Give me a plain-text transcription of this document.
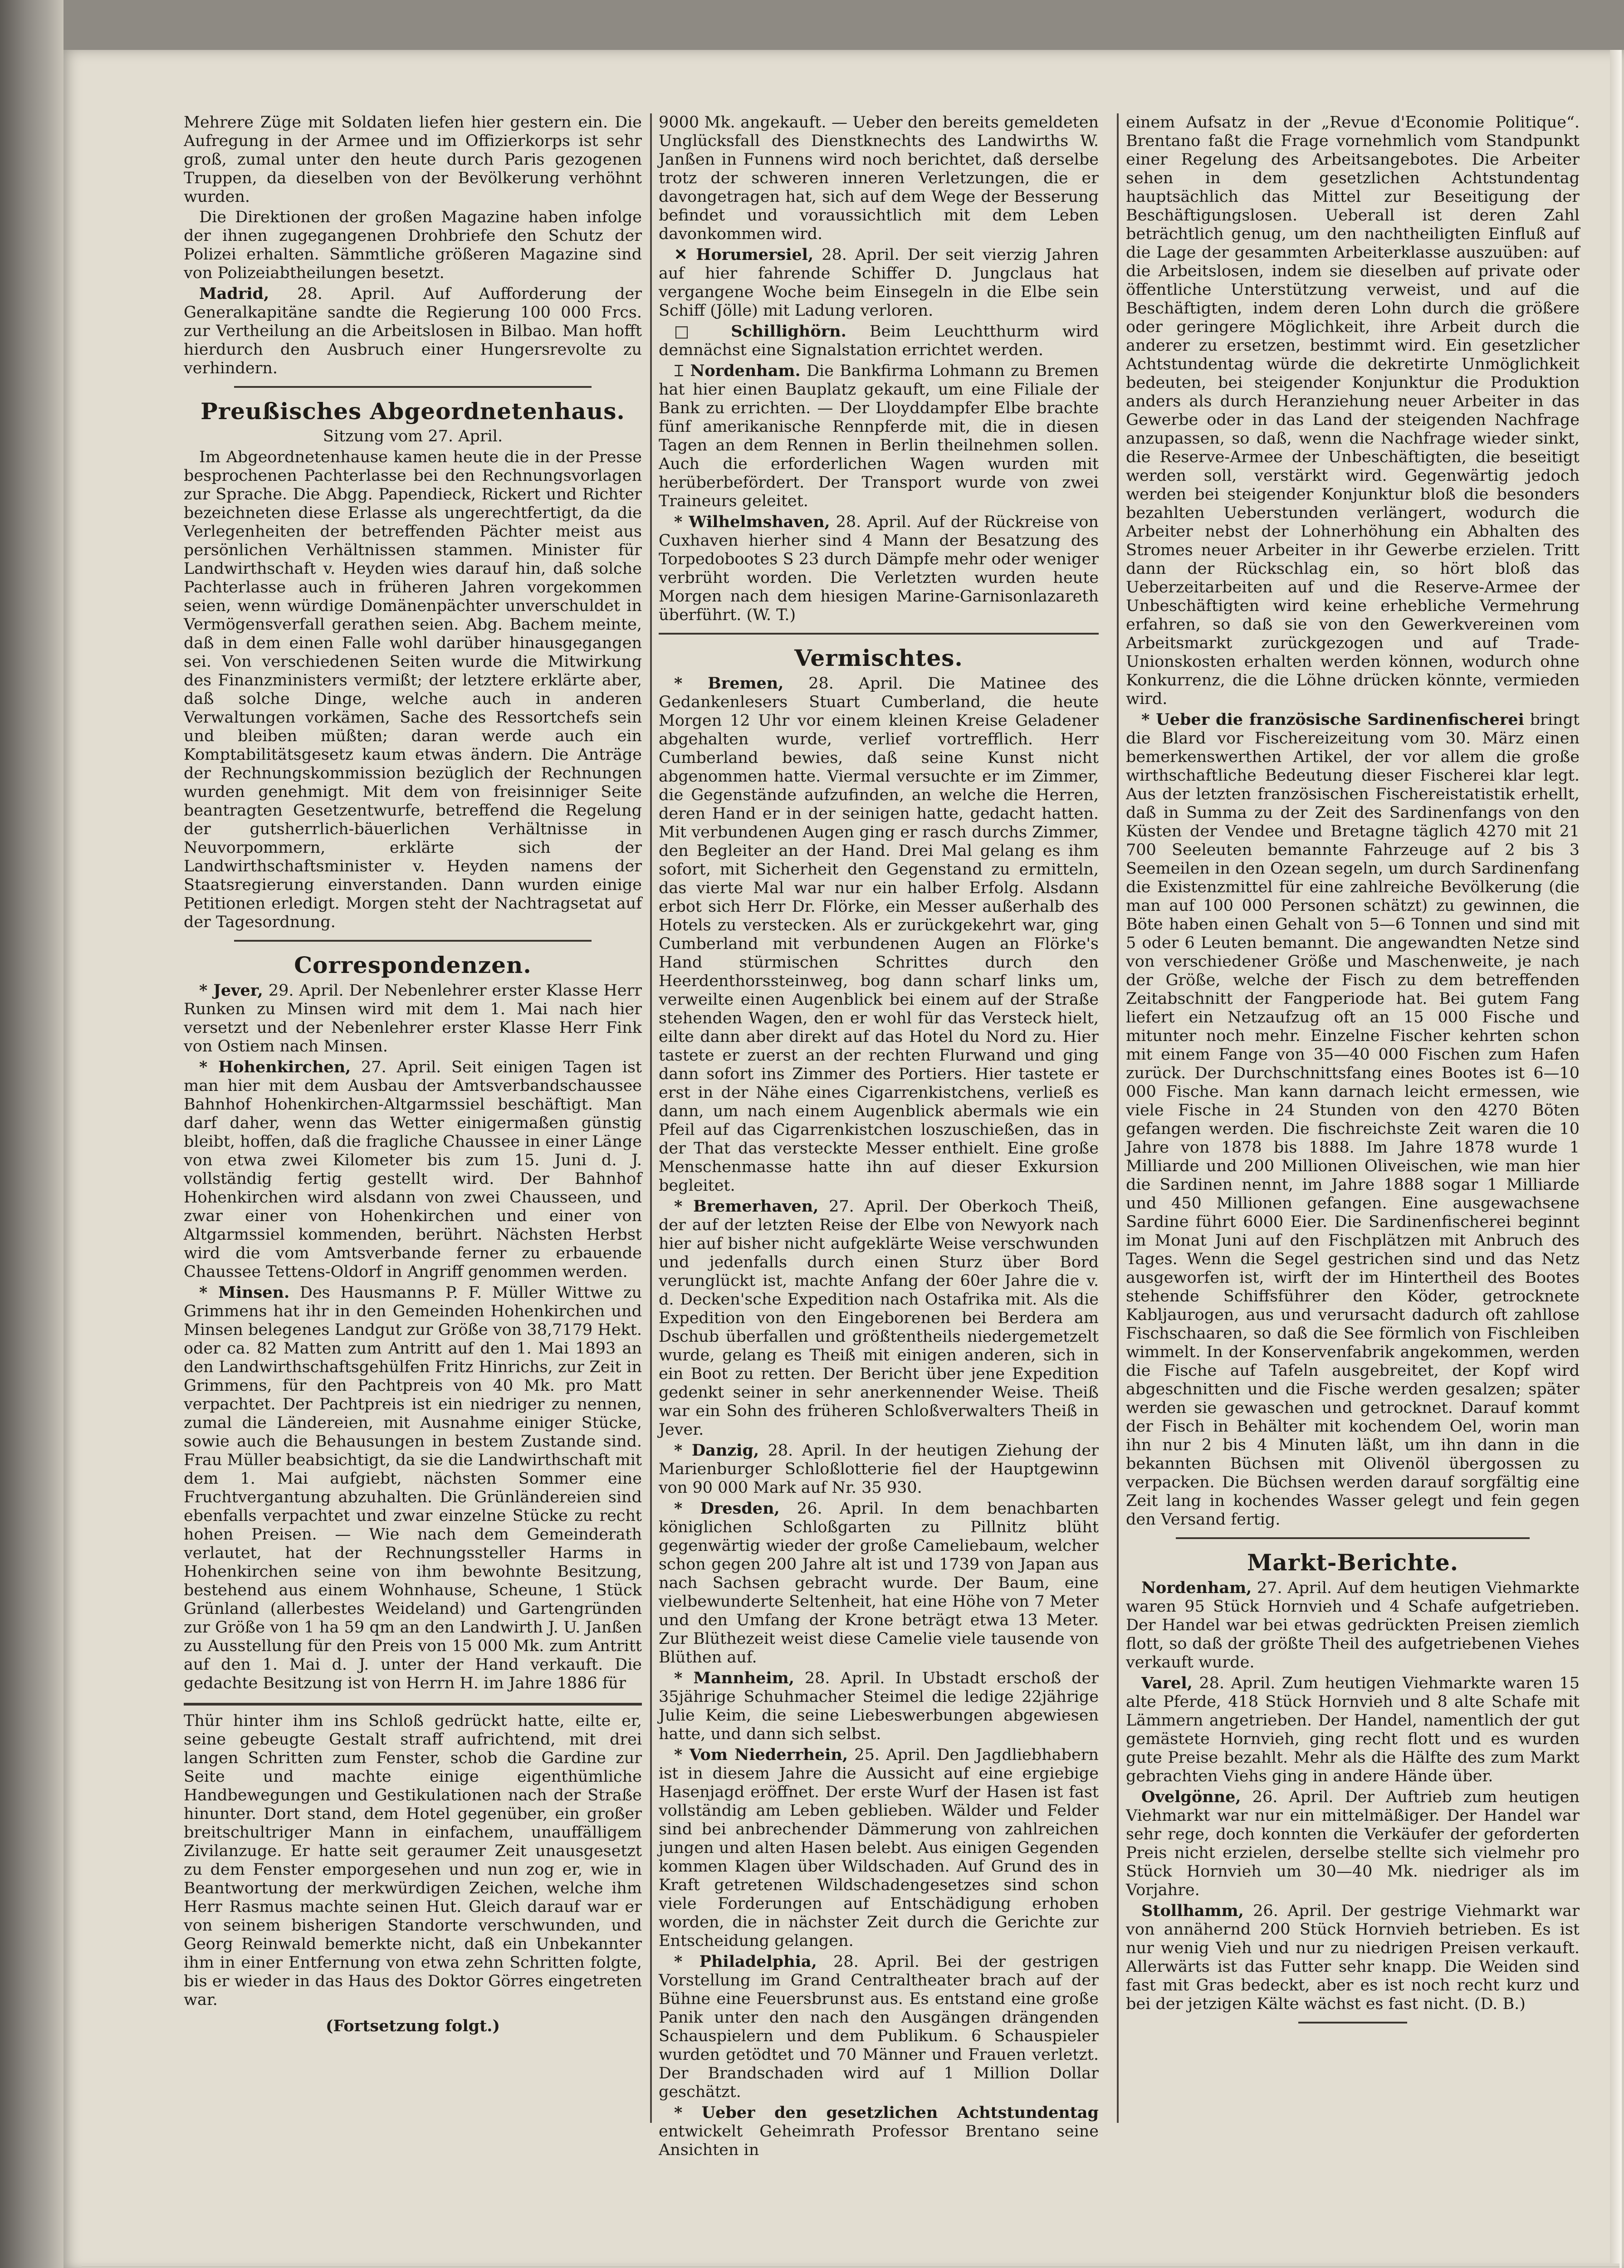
Mehrere Züge mit Soldaten liefen hier gestern ein. Die Aufregung in der Armee und im Offizierkorps ist sehr groß, zumal unter den heute durch Paris gezogenen Truppen, da dieselben von der Bevölkerung verhöhnt wurden.

Die Direktionen der großen Magazine haben infolge der ihnen zugegangenen Drohbriefe den Schutz der Polizei erhalten. Sämmtliche größeren Magazine sind von Polizeiabtheilungen besetzt.

Madrid, 28. April. Auf Aufforderung der Generalkapitäne sandte die Regierung 100 000 Frcs. zur Vertheilung an die Arbeitslosen in Bilbao. Man hofft hierdurch den Ausbruch einer Hungersrevolte zu verhindern.

Preußisches Abgeordnetenhaus.
Sitzung vom 27. April.

Im Abgeordnetenhause kamen heute die in der Presse besprochenen Pachterlasse bei den Rechnungsvorlagen zur Sprache. Die Abgg. Papendieck, Rickert und Richter bezeichneten diese Erlasse als ungerechtfertigt, da die Verlegenheiten der betreffenden Pächter meist aus persönlichen Verhältnissen stammen. Minister für Landwirthschaft v. Heyden wies darauf hin, daß solche Pachterlasse auch in früheren Jahren vorgekommen seien, wenn würdige Domänenpächter unverschuldet in Vermögensverfall gerathen seien. Abg. Bachem meinte, daß in dem einen Falle wohl darüber hinausgegangen sei. Von verschiedenen Seiten wurde die Mitwirkung des Finanzministers vermißt; der letztere erklärte aber, daß solche Dinge, welche auch in anderen Verwaltungen vorkämen, Sache des Ressortchefs sein und bleiben müßten; daran werde auch ein Komptabilitätsgesetz kaum etwas ändern. Die Anträge der Rechnungskommission bezüglich der Rechnungen wurden genehmigt. Mit dem von freisinniger Seite beantragten Gesetzentwurfe, betreffend die Regelung der gutsherrlich-bäuerlichen Verhältnisse in Neuvorpommern, erklärte sich der Landwirthschaftsminister v. Heyden namens der Staatsregierung einverstanden. Dann wurden einige Petitionen erledigt. Morgen steht der Nachtragsetat auf der Tagesordnung.

Correspondenzen.

* Jever, 29. April. Der Nebenlehrer erster Klasse Herr Runken zu Minsen wird mit dem 1. Mai nach hier versetzt und der Nebenlehrer erster Klasse Herr Fink von Ostiem nach Minsen.

* Hohenkirchen, 27. April. Seit einigen Tagen ist man hier mit dem Ausbau der Amtsverbandschaussee Bahnhof Hohenkirchen-Altgarmssiel beschäftigt. Man darf daher, wenn das Wetter einigermaßen günstig bleibt, hoffen, daß die fragliche Chaussee in einer Länge von etwa zwei Kilometer bis zum 15. Juni d. J. vollständig fertig gestellt wird. Der Bahnhof Hohenkirchen wird alsdann von zwei Chausseen, und zwar einer von Hohenkirchen und einer von Altgarmssiel kommenden, berührt. Nächsten Herbst wird die vom Amtsverbande ferner zu erbauende Chaussee Tettens-Oldorf in Angriff genommen werden.

* Minsen. Des Hausmanns P. F. Müller Wittwe zu Grimmens hat ihr in den Gemeinden Hohenkirchen und Minsen belegenes Landgut zur Größe von 38,7179 Hekt. oder ca. 82 Matten zum Antritt auf den 1. Mai 1893 an den Landwirthschaftsgehülfen Fritz Hinrichs, zur Zeit in Grimmens, für den Pachtpreis von 40 Mk. pro Matt verpachtet. Der Pachtpreis ist ein niedriger zu nennen, zumal die Ländereien, mit Ausnahme einiger Stücke, sowie auch die Behausungen in bestem Zustande sind. Frau Müller beabsichtigt, da sie die Landwirthschaft mit dem 1. Mai aufgiebt, nächsten Sommer eine Fruchtvergantung abzuhalten. Die Grünländereien sind ebenfalls verpachtet und zwar einzelne Stücke zu recht hohen Preisen. — Wie nach dem Gemeinderath verlautet, hat der Rechnungssteller Harms in Hohenkirchen seine von ihm bewohnte Besitzung, bestehend aus einem Wohnhause, Scheune, 1 Stück Grünland (allerbestes Weideland) und Gartengründen zur Größe von 1 ha 59 qm an den Landwirth J. U. Janßen zu Ausstellung für den Preis von 15 000 Mk. zum Antritt auf den 1. Mai d. J. unter der Hand verkauft. Die gedachte Besitzung ist von Herrn H. im Jahre 1886 für

Thür hinter ihm ins Schloß gedrückt hatte, eilte er, seine gebeugte Gestalt straff aufrichtend, mit drei langen Schritten zum Fenster, schob die Gardine zur Seite und machte einige eigenthümliche Handbewegungen und Gestikulationen nach der Straße hinunter. Dort stand, dem Hotel gegenüber, ein großer breitschultriger Mann in einfachem, unauffälligem Zivilanzuge. Er hatte seit geraumer Zeit unausgesetzt zu dem Fenster emporgesehen und nun zog er, wie in Beantwortung der merkwürdigen Zeichen, welche ihm Herr Rasmus machte seinen Hut. Gleich darauf war er von seinem bisherigen Standorte verschwunden, und Georg Reinwald bemerkte nicht, daß ein Unbekannter ihm in einer Entfernung von etwa zehn Schritten folgte, bis er wieder in das Haus des Doktor Görres eingetreten war.

(Fortsetzung folgt.)

9000 Mk. angekauft. — Ueber den bereits gemeldeten Unglücksfall des Dienstknechts des Landwirths W. Janßen in Funnens wird noch berichtet, daß derselbe trotz der schweren inneren Verletzungen, die er davongetragen hat, sich auf dem Wege der Besserung befindet und voraussichtlich mit dem Leben davonkommen wird.

✕ Horumersiel, 28. April. Der seit vierzig Jahren auf hier fahrende Schiffer D. Jungclaus hat vergangene Woche beim Einsegeln in die Elbe sein Schiff (Jölle) mit Ladung verloren.

□ Schillighörn. Beim Leuchtthurm wird demnächst eine Signalstation errichtet werden.

⌶ Nordenham. Die Bankfirma Lohmann zu Bremen hat hier einen Bauplatz gekauft, um eine Filiale der Bank zu errichten. — Der Lloyddampfer Elbe brachte fünf amerikanische Rennpferde mit, die in diesen Tagen an dem Rennen in Berlin theilnehmen sollen. Auch die erforderlichen Wagen wurden mit herüberbefördert. Der Transport wurde von zwei Traineurs geleitet.

* Wilhelmshaven, 28. April. Auf der Rückreise von Cuxhaven hierher sind 4 Mann der Besatzung des Torpedobootes S 23 durch Dämpfe mehr oder weniger verbrüht worden. Die Verletzten wurden heute Morgen nach dem hiesigen Marine-Garnisonlazareth überführt. (W. T.)

Vermischtes.

* Bremen, 28. April. Die Matinee des Gedankenlesers Stuart Cumberland, die heute Morgen 12 Uhr vor einem kleinen Kreise Geladener abgehalten wurde, verlief vortrefflich. Herr Cumberland bewies, daß seine Kunst nicht abgenommen hatte. Viermal versuchte er im Zimmer, die Gegenstände aufzufinden, an welche die Herren, deren Hand er in der seinigen hatte, gedacht hatten. Mit verbundenen Augen ging er rasch durchs Zimmer, den Begleiter an der Hand. Drei Mal gelang es ihm sofort, mit Sicherheit den Gegenstand zu ermitteln, das vierte Mal war nur ein halber Erfolg. Alsdann erbot sich Herr Dr. Flörke, ein Messer außerhalb des Hotels zu verstecken. Als er zurückgekehrt war, ging Cumberland mit verbundenen Augen an Flörke's Hand stürmischen Schrittes durch den Heerdenthorssteinweg, bog dann scharf links um, verweilte einen Augenblick bei einem auf der Straße stehenden Wagen, den er wohl für das Versteck hielt, eilte dann aber direkt auf das Hotel du Nord zu. Hier tastete er zuerst an der rechten Flurwand und ging dann sofort ins Zimmer des Portiers. Hier tastete er erst in der Nähe eines Cigarrenkistchens, verließ es dann, um nach einem Augenblick abermals wie ein Pfeil auf das Cigarrenkistchen loszuschießen, das in der That das versteckte Messer enthielt. Eine große Menschenmasse hatte ihn auf dieser Exkursion begleitet.

* Bremerhaven, 27. April. Der Oberkoch Theiß, der auf der letzten Reise der Elbe von Newyork nach hier auf bisher nicht aufgeklärte Weise verschwunden und jedenfalls durch einen Sturz über Bord verunglückt ist, machte Anfang der 60er Jahre die v. d. Decken'sche Expedition nach Ostafrika mit. Als die Expedition von den Eingeborenen bei Berdera am Dschub überfallen und größtentheils niedergemetzelt wurde, gelang es Theiß mit einigen anderen, sich in ein Boot zu retten. Der Bericht über jene Expedition gedenkt seiner in sehr anerkennender Weise. Theiß war ein Sohn des früheren Schloßverwalters Theiß in Jever.

* Danzig, 28. April. In der heutigen Ziehung der Marienburger Schloßlotterie fiel der Hauptgewinn von 90 000 Mark auf Nr. 35 930.

* Dresden, 26. April. In dem benachbarten königlichen Schloßgarten zu Pillnitz blüht gegenwärtig wieder der große Cameliebaum, welcher schon gegen 200 Jahre alt ist und 1739 von Japan aus nach Sachsen gebracht wurde. Der Baum, eine vielbewunderte Seltenheit, hat eine Höhe von 7 Meter und den Umfang der Krone beträgt etwa 13 Meter. Zur Blüthezeit weist diese Camelie viele tausende von Blüthen auf.

* Mannheim, 28. April. In Ubstadt erschoß der 35jährige Schuhmacher Steimel die ledige 22jährige Julie Keim, die seine Liebeswerbungen abgewiesen hatte, und dann sich selbst.

* Vom Niederrhein, 25. April. Den Jagdliebhabern ist in diesem Jahre die Aussicht auf eine ergiebige Hasenjagd eröffnet. Der erste Wurf der Hasen ist fast vollständig am Leben geblieben. Wälder und Felder sind bei anbrechender Dämmerung von zahlreichen jungen und alten Hasen belebt. Aus einigen Gegenden kommen Klagen über Wildschaden. Auf Grund des in Kraft getretenen Wildschadengesetzes sind schon viele Forderungen auf Entschädigung erhoben worden, die in nächster Zeit durch die Gerichte zur Entscheidung gelangen.

* Philadelphia, 28. April. Bei der gestrigen Vorstellung im Grand Centraltheater brach auf der Bühne eine Feuersbrunst aus. Es entstand eine große Panik unter den nach den Ausgängen drängenden Schauspielern und dem Publikum. 6 Schauspieler wurden getödtet und 70 Männer und Frauen verletzt. Der Brandschaden wird auf 1 Million Dollar geschätzt.

* Ueber den gesetzlichen Achtstundentag entwickelt Geheimrath Professor Brentano seine Ansichten in

einem Aufsatz in der „Revue d'Economie Politique“. Brentano faßt die Frage vornehmlich vom Standpunkt einer Regelung des Arbeitsangebotes. Die Arbeiter sehen in dem gesetzlichen Achtstundentag hauptsächlich das Mittel zur Beseitigung der Beschäftigungslosen. Ueberall ist deren Zahl beträchtlich genug, um den nachtheiligten Einfluß auf die Lage der gesammten Arbeiterklasse auszuüben: auf die Arbeitslosen, indem sie dieselben auf private oder öffentliche Unterstützung verweist, und auf die Beschäftigten, indem deren Lohn durch die größere oder geringere Möglichkeit, ihre Arbeit durch die anderer zu ersetzen, bestimmt wird. Ein gesetzlicher Achtstundentag würde die dekretirte Unmöglichkeit bedeuten, bei steigender Konjunktur die Produktion anders als durch Heranziehung neuer Arbeiter in das Gewerbe oder in das Land der steigenden Nachfrage anzupassen, so daß, wenn die Nachfrage wieder sinkt, die Reserve-Armee der Unbeschäftigten, die beseitigt werden soll, verstärkt wird. Gegenwärtig jedoch werden bei steigender Konjunktur bloß die besonders bezahlten Ueberstunden verlängert, wodurch die Arbeiter nebst der Lohnerhöhung ein Abhalten des Stromes neuer Arbeiter in ihr Gewerbe erzielen. Tritt dann der Rückschlag ein, so hört bloß das Ueberzeitarbeiten auf und die Reserve-Armee der Unbeschäftigten wird keine erhebliche Vermehrung erfahren, so daß sie von den Gewerkvereinen vom Arbeitsmarkt zurückgezogen und auf Trade-Unionskosten erhalten werden können, wodurch ohne Konkurrenz, die die Löhne drücken könnte, vermieden wird.

* Ueber die französische Sardinenfischerei bringt die Blard vor Fischereizeitung vom 30. März einen bemerkenswerthen Artikel, der vor allem die große wirthschaftliche Bedeutung dieser Fischerei klar legt. Aus der letzten französischen Fischereistatistik erhellt, daß in Summa zu der Zeit des Sardinenfangs von den Küsten der Vendee und Bretagne täglich 4270 mit 21 700 Seeleuten bemannte Fahrzeuge auf 2 bis 3 Seemeilen in den Ozean segeln, um durch Sardinenfang die Existenzmittel für eine zahlreiche Bevölkerung (die man auf 100 000 Personen schätzt) zu gewinnen, die Böte haben einen Gehalt von 5—6 Tonnen und sind mit 5 oder 6 Leuten bemannt. Die angewandten Netze sind von verschiedener Größe und Maschenweite, je nach der Größe, welche der Fisch zu dem betreffenden Zeitabschnitt der Fangperiode hat. Bei gutem Fang liefert ein Netzaufzug oft an 15 000 Fische und mitunter noch mehr. Einzelne Fischer kehrten schon mit einem Fange von 35—40 000 Fischen zum Hafen zurück. Der Durchschnittsfang eines Bootes ist 6—10 000 Fische. Man kann darnach leicht ermessen, wie viele Fische in 24 Stunden von den 4270 Böten gefangen werden. Die fischreichste Zeit waren die 10 Jahre von 1878 bis 1888. Im Jahre 1878 wurde 1 Milliarde und 200 Millionen Oliveischen, wie man hier die Sardinen nennt, im Jahre 1888 sogar 1 Milliarde und 450 Millionen gefangen. Eine ausgewachsene Sardine führt 6000 Eier. Die Sardinenfischerei beginnt im Monat Juni auf den Fischplätzen mit Anbruch des Tages. Wenn die Segel gestrichen sind und das Netz ausgeworfen ist, wirft der im Hintertheil des Bootes stehende Schiffsführer den Köder, getrocknete Kabljaurogen, aus und verursacht dadurch oft zahllose Fischschaaren, so daß die See förmlich von Fischleiben wimmelt. In der Konservenfabrik angekommen, werden die Fische auf Tafeln ausgebreitet, der Kopf wird abgeschnitten und die Fische werden gesalzen; später werden sie gewaschen und getrocknet. Darauf kommt der Fisch in Behälter mit kochendem Oel, worin man ihn nur 2 bis 4 Minuten läßt, um ihn dann in die bekannten Büchsen mit Olivenöl übergossen zu verpacken. Die Büchsen werden darauf sorgfältig eine Zeit lang in kochendes Wasser gelegt und fein gegen den Versand fertig.

Markt-Berichte.

Nordenham, 27. April. Auf dem heutigen Viehmarkte waren 95 Stück Hornvieh und 4 Schafe aufgetrieben. Der Handel war bei etwas gedrückten Preisen ziemlich flott, so daß der größte Theil des aufgetriebenen Viehes verkauft wurde.

Varel, 28. April. Zum heutigen Viehmarkte waren 15 alte Pferde, 418 Stück Hornvieh und 8 alte Schafe mit Lämmern angetrieben. Der Handel, namentlich der gut gemästete Hornvieh, ging recht flott und es wurden gute Preise bezahlt. Mehr als die Hälfte des zum Markt gebrachten Viehs ging in andere Hände über.

Ovelgönne, 26. April. Der Auftrieb zum heutigen Viehmarkt war nur ein mittelmäßiger. Der Handel war sehr rege, doch konnten die Verkäufer der geforderten Preis nicht erzielen, derselbe stellte sich vielmehr pro Stück Hornvieh um 30—40 Mk. niedriger als im Vorjahre.

Stollhamm, 26. April. Der gestrige Viehmarkt war von annähernd 200 Stück Hornvieh betrieben. Es ist nur wenig Vieh und nur zu niedrigen Preisen verkauft. Allerwärts ist das Futter sehr knapp. Die Weiden sind fast mit Gras bedeckt, aber es ist noch recht kurz und bei der jetzigen Kälte wächst es fast nicht. (D. B.)
